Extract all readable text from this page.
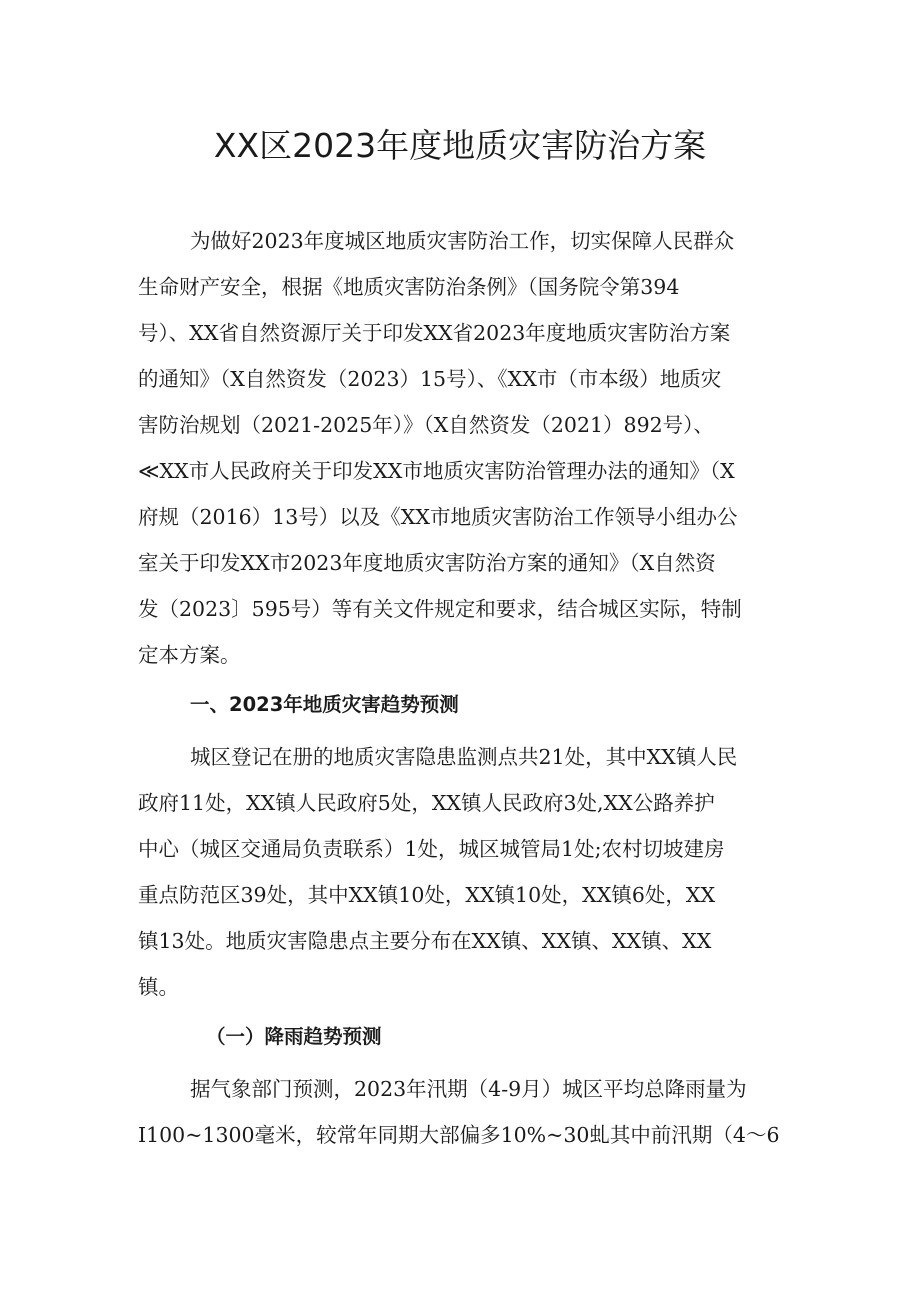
XX区2023年度地质灾害防治方案

为做好2023年度城区地质灾害防治工作，切实保障人民群众

生命财产安全，根据《地质灾害防治条例》（国务院令第394

号）、XX省自然资源厅关于印发XX省2023年度地质灾害防治方案

的通知》（X自然资发（2023）15号）、《XX市（市本级）地质灾

害防治规划（2021-2025年）》（X自然资发（2021）892号）、

≪XX市人民政府关于印发XX市地质灾害防治管理办法的通知》（X

府规（2016）13号）以及《XX市地质灾害防治工作领导小组办公

室关于印发XX市2023年度地质灾害防治方案的通知》（X自然资

发（2023〕595号）等有关文件规定和要求，结合城区实际，特制

定本方案。

一、2023年地质灾害趋势预测

城区登记在册的地质灾害隐患监测点共21处，其中XX镇人民

政府11处，XX镇人民政府5处，XX镇人民政府3处,XX公路养护

中心（城区交通局负责联系）1处，城区城管局1处;农村切坡建房

重点防范区39处，其中XX镇10处，XX镇10处，XX镇6处，XX

镇13处。地质灾害隐患点主要分布在XX镇、XX镇、XX镇、XX

镇。

（一）降雨趋势预测

据气象部门预测，2023年汛期（4-9月）城区平均总降雨量为

I100~1300毫米，较常年同期大部偏多10%~30虬其中前汛期（4〜6
